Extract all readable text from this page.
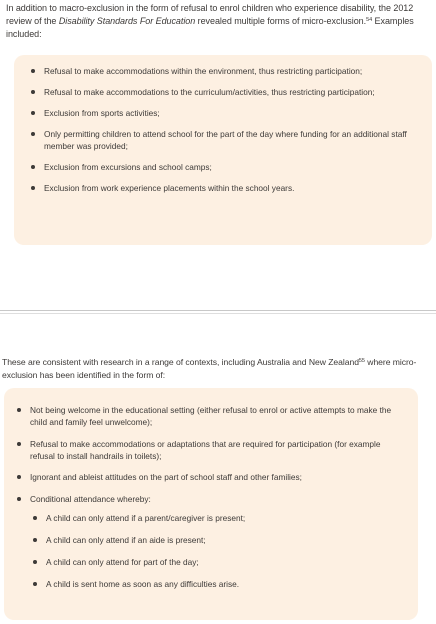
In addition to macro-exclusion in the form of refusal to enrol children who experience disability, the 2012 review of the Disability Standards For Education revealed multiple forms of micro-exclusion.$^{54}$ Examples included:

Refusal to make accommodations within the environment, thus restricting participation;
Refusal to make accommodations to the curriculum/activities, thus restricting participation;
Exclusion from sports activities;
Only permitting children to attend school for the part of the day where funding for an additional staff member was provided;
Exclusion from excursions and school camps;
Exclusion from work experience placements within the school years.

These are consistent with research in a range of contexts, including Australia and New Zealand$^{55}$ where micro-exclusion has been identified in the form of:

Not being welcome in the educational setting (either refusal to enrol or active attempts to make the child and family feel unwelcome);
Refusal to make accommodations or adaptations that are required for participation (for example refusal to install handrails in toilets);
Ignorant and ableist attitudes on the part of school staff and other families;
Conditional attendance whereby:
A child can only attend if a parent/caregiver is present;
A child can only attend if an aide is present;
A child can only attend for part of the day;
A child is sent home as soon as any difficulties arise.
